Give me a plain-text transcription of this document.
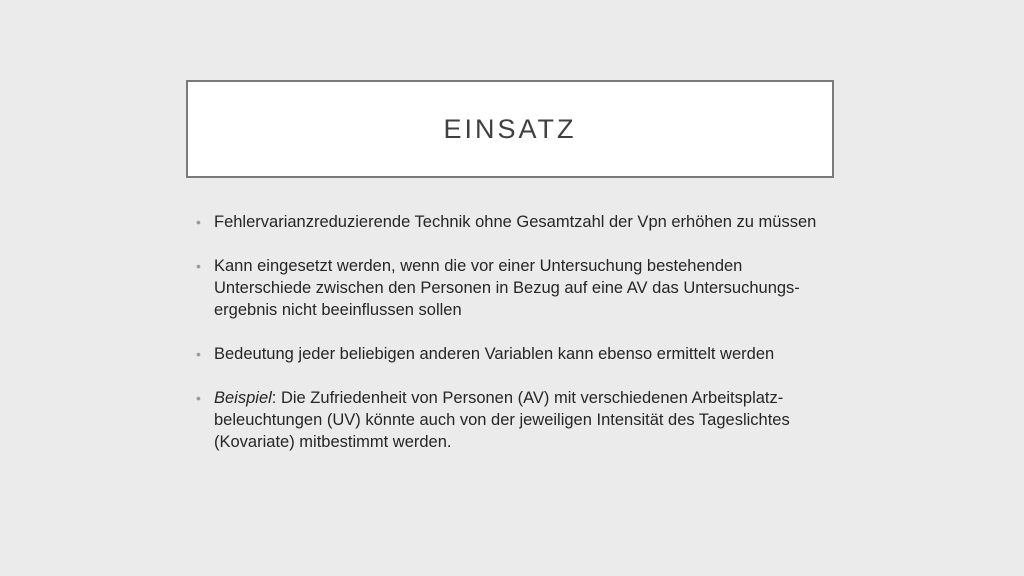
EINSATZ
• Fehlervarianzreduzierende Technik ohne Gesamtzahl der Vpn erhöhen zu müssen
• Kann eingesetzt werden, wenn die vor einer Untersuchung bestehenden Unterschiede zwischen den Personen in Bezug auf eine AV das Untersuchungs-ergebnis nicht beeinflussen sollen
• Bedeutung jeder beliebigen anderen Variablen kann ebenso ermittelt werden
• Beispiel: Die Zufriedenheit von Personen (AV) mit verschiedenen Arbeitsplatz-beleuchtungen (UV) könnte auch von der jeweiligen Intensität des Tageslichtes (Kovariate) mitbestimmt werden.
